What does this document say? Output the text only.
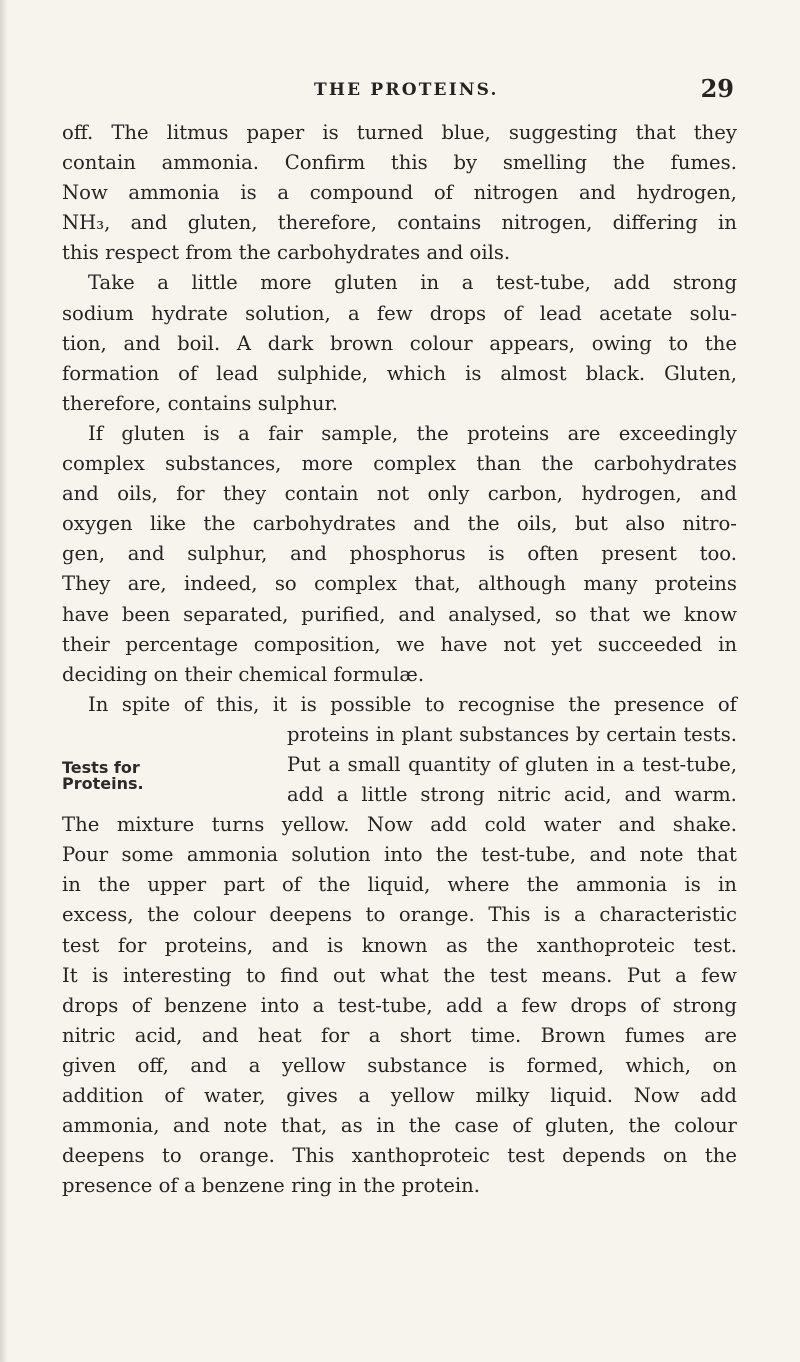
THE PROTEINS.	29
Tests for
Proteins.
off. The litmus paper is turned blue, suggesting that they
contain ammonia. Confirm this by smelling the fumes.
Now ammonia is a compound of nitrogen and hydrogen,
NH₃, and gluten, therefore, contains nitrogen, differing in
this respect from the carbohydrates and oils.
Take a little more gluten in a test-tube, add strong
sodium hydrate solution, a few drops of lead acetate solu-
tion, and boil. A dark brown colour appears, owing to the
formation of lead sulphide, which is almost black. Gluten,
therefore, contains sulphur.
If gluten is a fair sample, the proteins are exceedingly
complex substances, more complex than the carbohydrates
and oils, for they contain not only carbon, hydrogen, and
oxygen like the carbohydrates and the oils, but also nitro-
gen, and sulphur, and phosphorus is often present too.
They are, indeed, so complex that, although many proteins
have been separated, purified, and analysed, so that we know
their percentage composition, we have not yet succeeded in
deciding on their chemical formulæ.
In spite of this, it is possible to recognise the presence of
proteins in plant substances by certain tests.
Put a small quantity of gluten in a test-tube,
add a little strong nitric acid, and warm.
The mixture turns yellow. Now add cold water and shake.
Pour some ammonia solution into the test-tube, and note that
in the upper part of the liquid, where the ammonia is in
excess, the colour deepens to orange. This is a characteristic
test for proteins, and is known as the xanthoproteic test.
It is interesting to find out what the test means. Put a few
drops of benzene into a test-tube, add a few drops of strong
nitric acid, and heat for a short time. Brown fumes are
given off, and a yellow substance is formed, which, on
addition of water, gives a yellow milky liquid. Now add
ammonia, and note that, as in the case of gluten, the colour
deepens to orange. This xanthoproteic test depends on the
presence of a benzene ring in the protein.
